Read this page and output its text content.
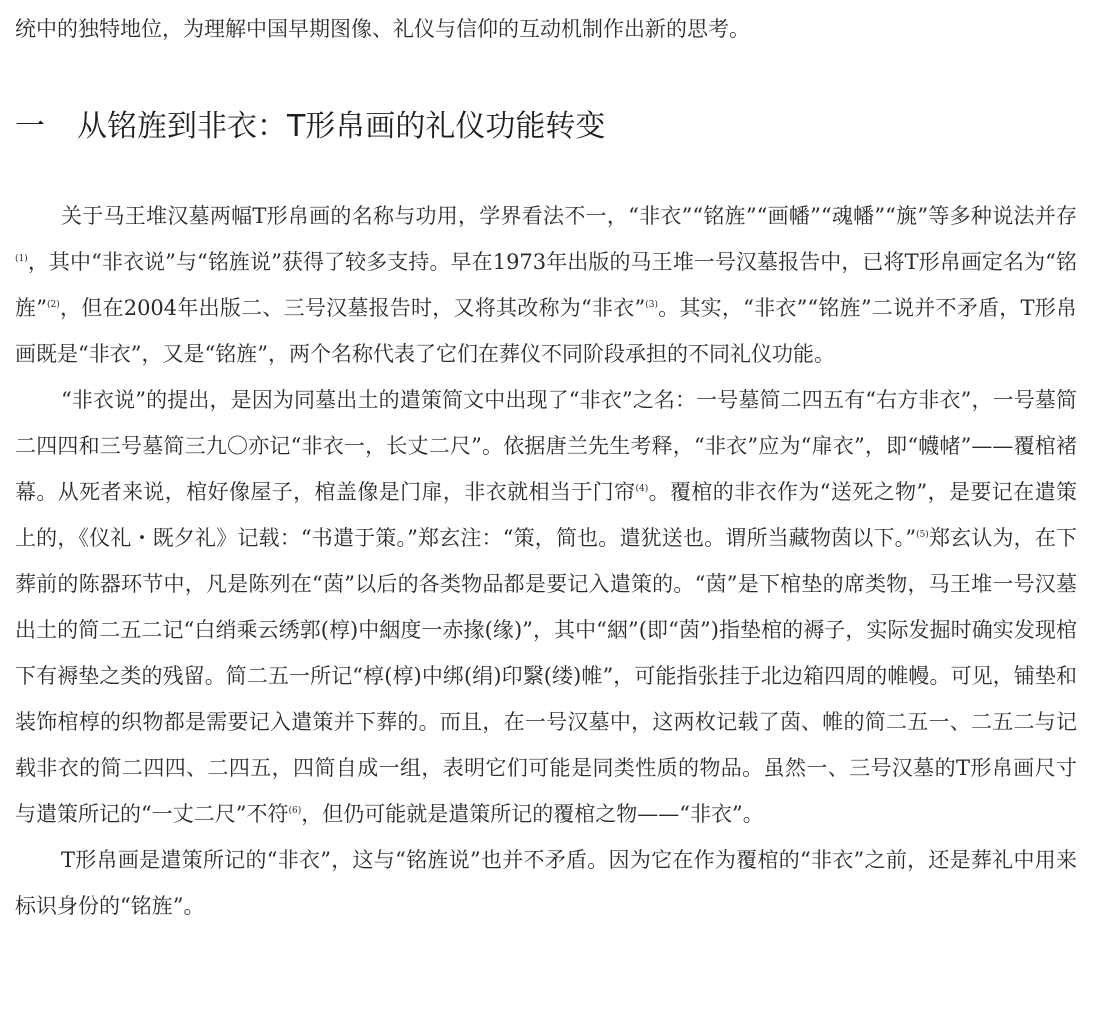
统中的独特地位，为理解中国早期图像、礼仪与信仰的互动机制作出新的思考。

一 从铭旌到非衣：T形帛画的礼仪功能转变

关于马王堆汉墓两幅T形帛画的名称与功用，学界看法不一，“非衣”“铭旌”“画幡”“魂幡”“旐”等多种说法并存$^{(1)}$，其中“非衣说”与“铭旌说”获得了较多支持。早在1973年出版的马王堆一号汉墓报告中，已将T形帛画定名为“铭旌”$^{(2)}$，但在2004年出版二、三号汉墓报告时，又将其改称为“非衣”$^{(3)}$。其实，“非衣”“铭旌”二说并不矛盾，T形帛画既是“非衣”，又是“铭旌”，两个名称代表了它们在葬仪不同阶段承担的不同礼仪功能。

“非衣说”的提出，是因为同墓出土的遣策简文中出现了“非衣”之名：一号墓简二四五有“右方非衣”，一号墓简二四四和三号墓简三九〇亦记“非衣一，长丈二尺”。依据唐兰先生考释，“非衣”应为“扉衣”，即“幭帾”——覆棺褚幕。从死者来说，棺好像屋子，棺盖像是门扉，非衣就相当于门帘$^{(4)}$。覆棺的非衣作为“送死之物”，是要记在遣策上的，《仪礼・既夕礼》记载：“书遣于策。”郑玄注：“策，简也。遣犹送也。谓所当藏物茵以下。”$^{(5)}$郑玄认为，在下葬前的陈器环节中，凡是陈列在“茵”以后的各类物品都是要记入遣策的。“茵”是下棺垫的席类物，马王堆一号汉墓出土的简二五二记“白绡乘云绣郭(椁)中絪度一赤掾(缘)”，其中“絪”(即“茵”)指垫棺的褥子，实际发掘时确实发现棺下有褥垫之类的残留。简二五一所记“椁(椁)中绑(绢)印繄(缕)帷”，可能指张挂于北边箱四周的帷幔。可见，铺垫和装饰棺椁的织物都是需要记入遣策并下葬的。而且，在一号汉墓中，这两枚记载了茵、帷的简二五一、二五二与记载非衣的简二四四、二四五，四简自成一组，表明它们可能是同类性质的物品。虽然一、三号汉墓的T形帛画尺寸与遣策所记的“一丈二尺”不符$^{(6)}$，但仍可能就是遣策所记的覆棺之物——“非衣”。

T形帛画是遣策所记的“非衣”，这与“铭旌说”也并不矛盾。因为它在作为覆棺的“非衣”之前，还是葬礼中用来标识身份的“铭旌”。
